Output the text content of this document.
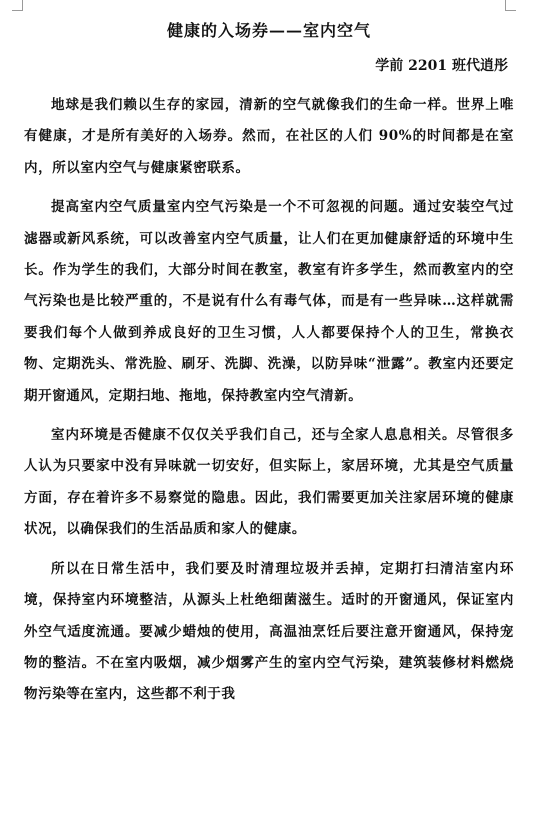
健康的入场券——室内空气
学前 2201 班代逍彤

地球是我们赖以生存的家园，清新的空气就像我们的生命一样。世界上唯有健康，才是所有美好的入场券。然而，在社区的人们 90%的时间都是在室内，所以室内空气与健康紧密联系。

提高室内空气质量室内空气污染是一个不可忽视的问题。通过安装空气过滤器或新风系统，可以改善室内空气质量，让人们在更加健康舒适的环境中生长。作为学生的我们，大部分时间在教室，教室有许多学生，然而教室内的空气污染也是比较严重的，不是说有什么有毒气体，而是有一些异味…这样就需要我们每个人做到养成良好的卫生习惯，人人都要保持个人的卫生，常换衣物、定期洗头、常洗脸、刷牙、洗脚、洗澡，以防异味“泄露”。教室内还要定期开窗通风，定期扫地、拖地，保持教室内空气清新。

室内环境是否健康不仅仅关乎我们自己，还与全家人息息相关。尽管很多人认为只要家中没有异味就一切安好，但实际上，家居环境，尤其是空气质量方面，存在着许多不易察觉的隐患。因此，我们需要更加关注家居环境的健康状况，以确保我们的生活品质和家人的健康。

所以在日常生活中，我们要及时清理垃圾并丢掉，定期打扫清洁室内环境，保持室内环境整洁，从源头上杜绝细菌滋生。适时的开窗通风，保证室内外空气适度流通。要减少蜡烛的使用，高温油烹饪后要注意开窗通风，保持宠物的整洁。不在室内吸烟，减少烟雾产生的室内空气污染，建筑装修材料燃烧物污染等在室内，这些都不利于我
